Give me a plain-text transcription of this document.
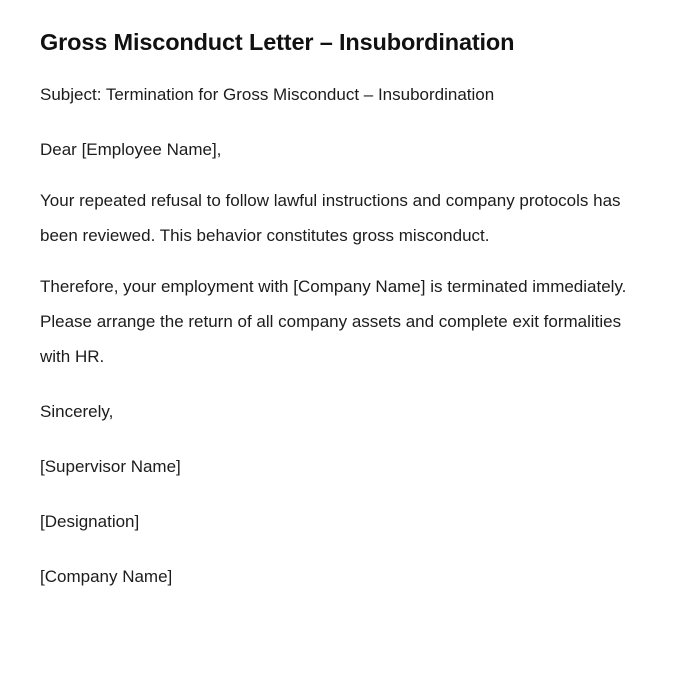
Gross Misconduct Letter – Insubordination

Subject: Termination for Gross Misconduct – Insubordination

Dear [Employee Name],

Your repeated refusal to follow lawful instructions and company protocols has been reviewed. This behavior constitutes gross misconduct.

Therefore, your employment with [Company Name] is terminated immediately. Please arrange the return of all company assets and complete exit formalities with HR.

Sincerely,

[Supervisor Name]

[Designation]

[Company Name]
